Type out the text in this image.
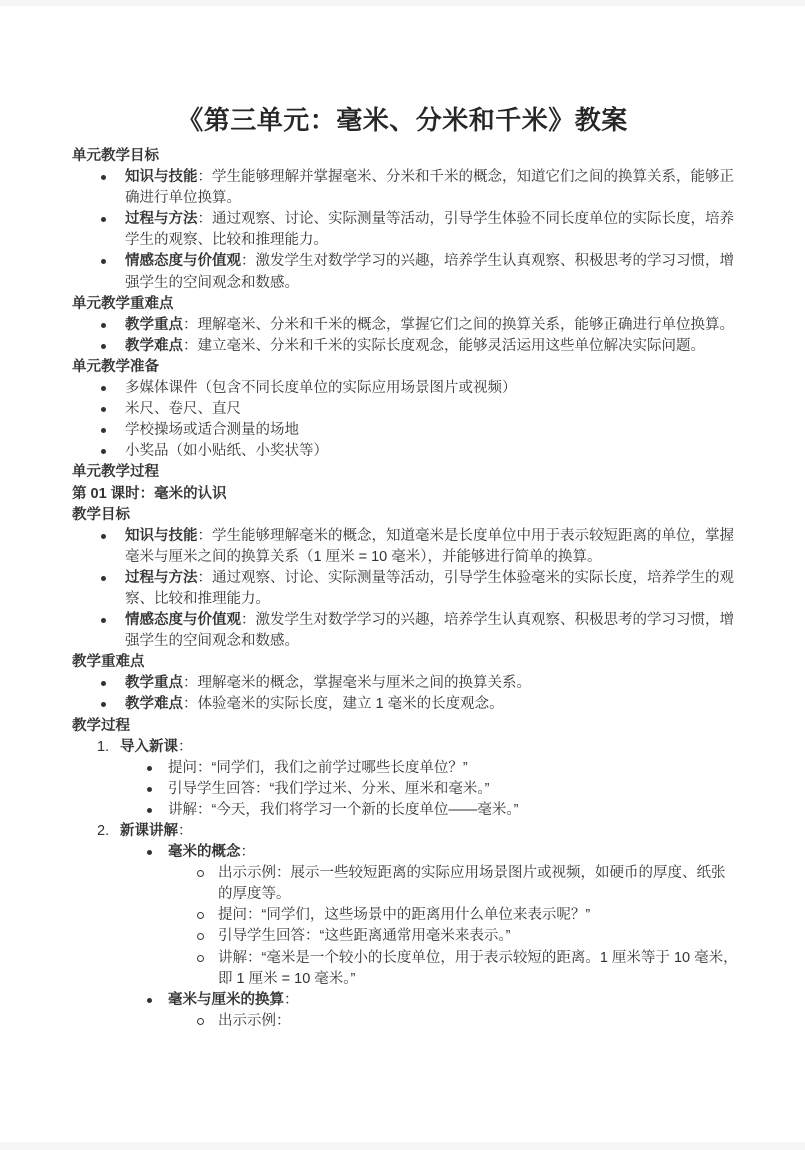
《第三单元：毫米、分米和千米》教案
单元教学目标
知识与技能：学生能够理解并掌握毫米、分米和千米的概念，知道它们之间的换算关系，能够正确进行单位换算。
过程与方法：通过观察、讨论、实际测量等活动，引导学生体验不同长度单位的实际长度，培养学生的观察、比较和推理能力。
情感态度与价值观：激发学生对数学学习的兴趣，培养学生认真观察、积极思考的学习习惯，增强学生的空间观念和数感。
单元教学重难点
教学重点：理解毫米、分米和千米的概念，掌握它们之间的换算关系，能够正确进行单位换算。
教学难点：建立毫米、分米和千米的实际长度观念，能够灵活运用这些单位解决实际问题。
单元教学准备
多媒体课件（包含不同长度单位的实际应用场景图片或视频）
米尺、卷尺、直尺
学校操场或适合测量的场地
小奖品（如小贴纸、小奖状等）
单元教学过程
第 01 课时：毫米的认识
教学目标
知识与技能：学生能够理解毫米的概念，知道毫米是长度单位中用于表示较短距离的单位，掌握毫米与厘米之间的换算关系（1 厘米 = 10 毫米），并能够进行简单的换算。
过程与方法：通过观察、讨论、实际测量等活动，引导学生体验毫米的实际长度，培养学生的观察、比较和推理能力。
情感态度与价值观：激发学生对数学学习的兴趣，培养学生认真观察、积极思考的学习习惯，增强学生的空间观念和数感。
教学重难点
教学重点：理解毫米的概念，掌握毫米与厘米之间的换算关系。
教学难点：体验毫米的实际长度，建立 1 毫米的长度观念。
教学过程
1. 导入新课：
提问：“同学们，我们之前学过哪些长度单位？”
引导学生回答：“我们学过米、分米、厘米和毫米。”
讲解：“今天，我们将学习一个新的长度单位——毫米。”
2. 新课讲解：
毫米的概念：
出示示例：展示一些较短距离的实际应用场景图片或视频，如硬币的厚度、纸张的厚度等。
提问：“同学们，这些场景中的距离用什么单位来表示呢？”
引导学生回答：“这些距离通常用毫米来表示。”
讲解：“毫米是一个较小的长度单位，用于表示较短的距离。1 厘米等于 10 毫米，即 1 厘米 = 10 毫米。”
毫米与厘米的换算：
出示示例：
